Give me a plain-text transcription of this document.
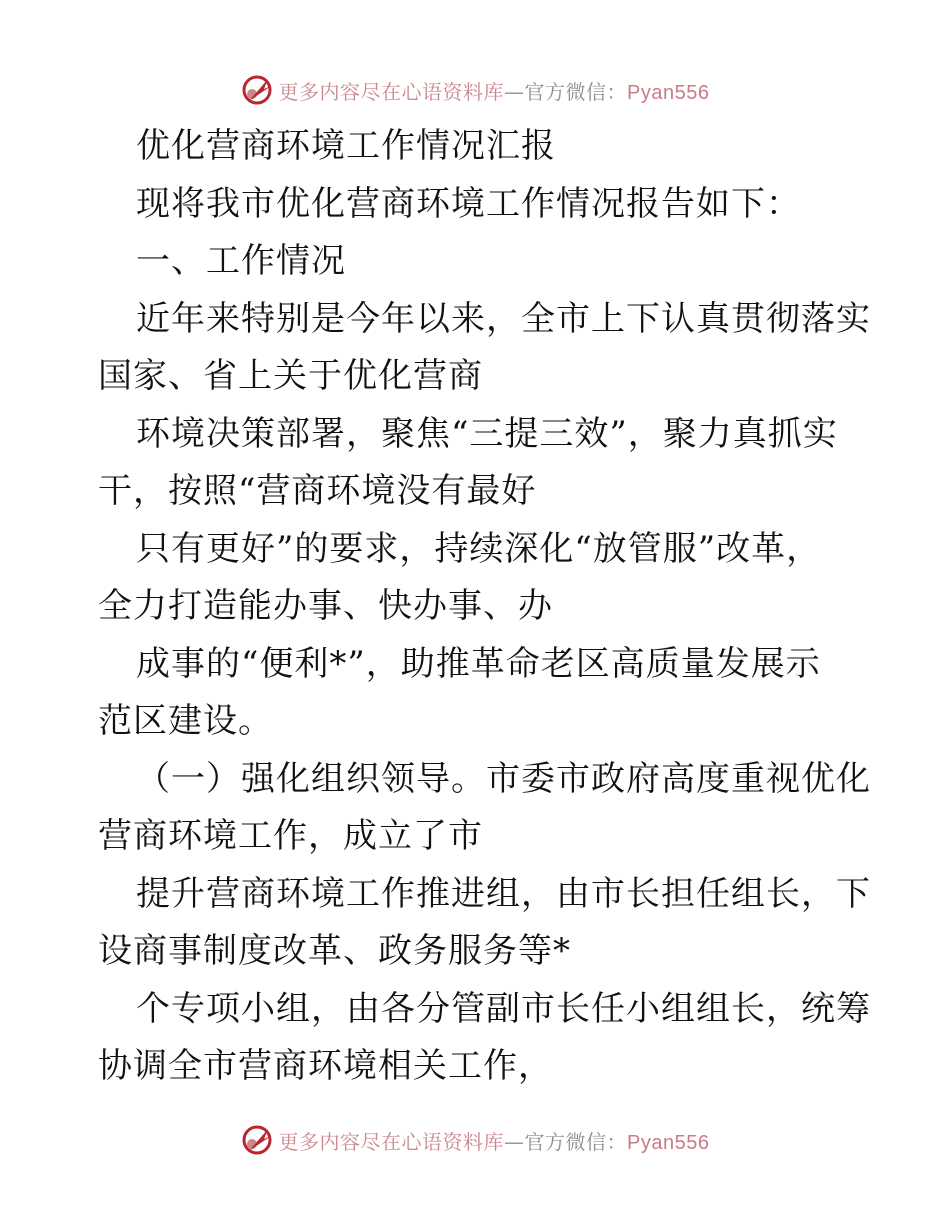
更多内容尽在心语资料库—官方微信：Pyan556
优化营商环境工作情况汇报
现将我市优化营商环境工作情况报告如下：
一、工作情况
近年来特别是今年以来，全市上下认真贯彻落实
国家、省上关于优化营商
环境决策部署，聚焦“三提三效”，聚力真抓实
干，按照“营商环境没有最好
只有更好”的要求，持续深化“放管服”改革，
全力打造能办事、快办事、办
成事的“便利*”，助推革命老区高质量发展示
范区建设。
（一）强化组织领导。市委市政府高度重视优化
营商环境工作，成立了市
提升营商环境工作推进组，由市长担任组长，下
设商事制度改革、政务服务等*
个专项小组，由各分管副市长任小组组长，统筹
协调全市营商环境相关工作，
更多内容尽在心语资料库—官方微信：Pyan556
